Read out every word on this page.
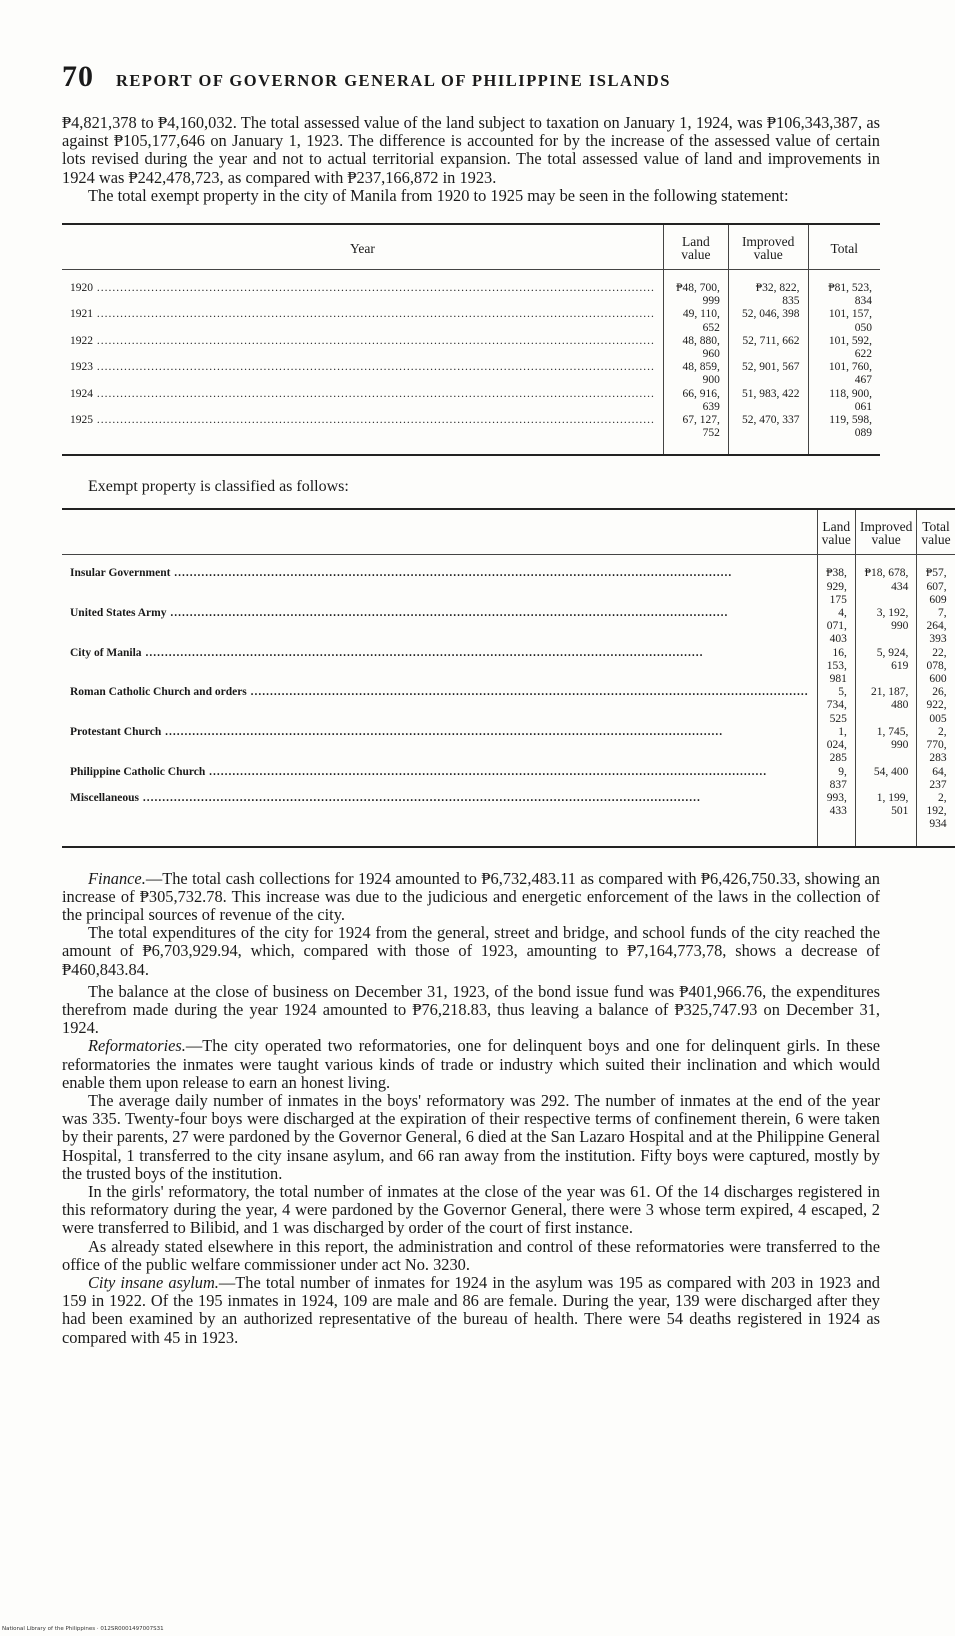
70 REPORT OF GOVERNOR GENERAL OF PHILIPPINE ISLANDS

₱4,821,378 to ₱4,160,032. The total assessed value of the land subject to taxation on January 1, 1924, was ₱106,343,387, as against ₱105,177,646 on January 1, 1923. The difference is accounted for by the increase of the assessed value of certain lots revised during the year and not to actual territorial expansion. The total assessed value of land and improvements in 1924 was ₱242,478,723, as compared with ₱237,166,872 in 1923.

The total exempt property in the city of Manila from 1920 to 1925 may be seen in the following statement:

Year	Land value	Improved value	Total
1920 .....	₱48, 700, 999	₱32, 822, 835	₱81, 523, 834
1921 .....	49, 110, 652	52, 046, 398	101, 157, 050
1922 .....	48, 880, 960	52, 711, 662	101, 592, 622
1923 .....	48, 859, 900	52, 901, 567	101, 760, 467
1924 .....	66, 916, 639	51, 983, 422	118, 900, 061
1925 .....	67, 127, 752	52, 470, 337	119, 598, 089
Exempt property is classified as follows:
	Land value	Improved value	Total value
Insular Government .....	₱38, 929, 175	₱18, 678, 434	₱57, 607, 609
United States Army .....	4, 071, 403	3, 192, 990	7, 264, 393
City of Manila .....	16, 153, 981	5, 924, 619	22, 078, 600
Roman Catholic Church and orders .....	5, 734, 525	21, 187, 480	26, 922, 005
Protestant Church .....	1, 024, 285	1, 745, 990	2, 770, 283
Philippine Catholic Church .....	9, 837	54, 400	64, 237
Miscellaneous .....	993, 433	1, 199, 501	2, 192, 934

Finance.—The total cash collections for 1924 amounted to ₱6,732,483.11 as compared with ₱6,426,750.33, showing an increase of ₱305,732.78. This increase was due to the judicious and energetic enforcement of the laws in the collection of the principal sources of revenue of the city.

The total expenditures of the city for 1924 from the general, street and bridge, and school funds of the city reached the amount of ₱6,703,929.94, which, compared with those of 1923, amounting to ₱7,164,773,78, shows a decrease of ₱460,843.84.

The balance at the close of business on December 31, 1923, of the bond issue fund was ₱401,966.76, the expenditures therefrom made during the year 1924 amounted to ₱76,218.83, thus leaving a balance of ₱325,747.93 on December 31, 1924.

Reformatories.—The city operated two reformatories, one for delinquent boys and one for delinquent girls. In these reformatories the inmates were taught various kinds of trade or industry which suited their inclination and which would enable them upon release to earn an honest living.

The average daily number of inmates in the boys' reformatory was 292. The number of inmates at the end of the year was 335. Twenty-four boys were discharged at the expiration of their respective terms of confinement therein, 6 were taken by their parents, 27 were pardoned by the Governor General, 6 died at the San Lazaro Hospital and at the Philippine General Hospital, 1 transferred to the city insane asylum, and 66 ran away from the institution. Fifty boys were captured, mostly by the trusted boys of the institution.

In the girls' reformatory, the total number of inmates at the close of the year was 61. Of the 14 discharges registered in this reformatory during the year, 4 were pardoned by the Governor General, there were 3 whose term expired, 4 escaped, 2 were transferred to Bilibid, and 1 was discharged by order of the court of first instance.

As already stated elsewhere in this report, the administration and control of these reformatories were transferred to the office of the public welfare commissioner under act No. 3230.

City insane asylum.—The total number of inmates for 1924 in the asylum was 195 as compared with 203 in 1923 and 159 in 1922. Of the 195 inmates in 1924, 109 are male and 86 are female. During the year, 139 were discharged after they had been examined by an authorized representative of the bureau of health. There were 54 deaths registered in 1924 as compared with 45 in 1923.

National Library of the Philippines · 012SR0001497007S31
